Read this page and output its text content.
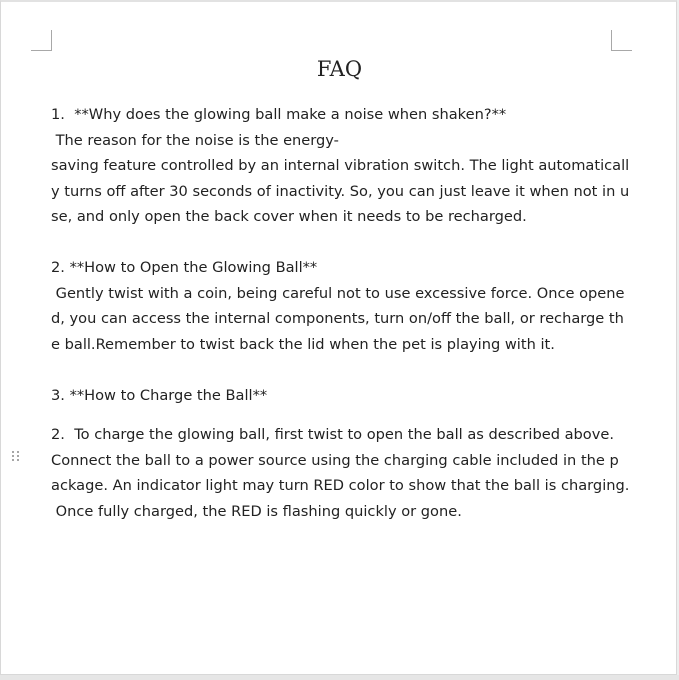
FAQ

1.  **Why does the glowing ball make a noise when shaken?**

The reason for the noise is the energy-

saving feature controlled by an internal vibration switch. The light automaticall

y turns off after 30 seconds of inactivity. So, you can just leave it when not in u

se, and only open the back cover when it needs to be recharged.

2. **How to Open the Glowing Ball**

Gently twist with a coin, being careful not to use excessive force. Once opene

d, you can access the internal components, turn on/off the ball, or recharge th

e ball.Remember to twist back the lid when the pet is playing with it.

3. **How to Charge the Ball**

2.  To charge the glowing ball, first twist to open the ball as described above.

Connect the ball to a power source using the charging cable included in the p

ackage. An indicator light may turn RED color to show that the ball is charging.

Once fully charged, the RED is flashing quickly or gone.
